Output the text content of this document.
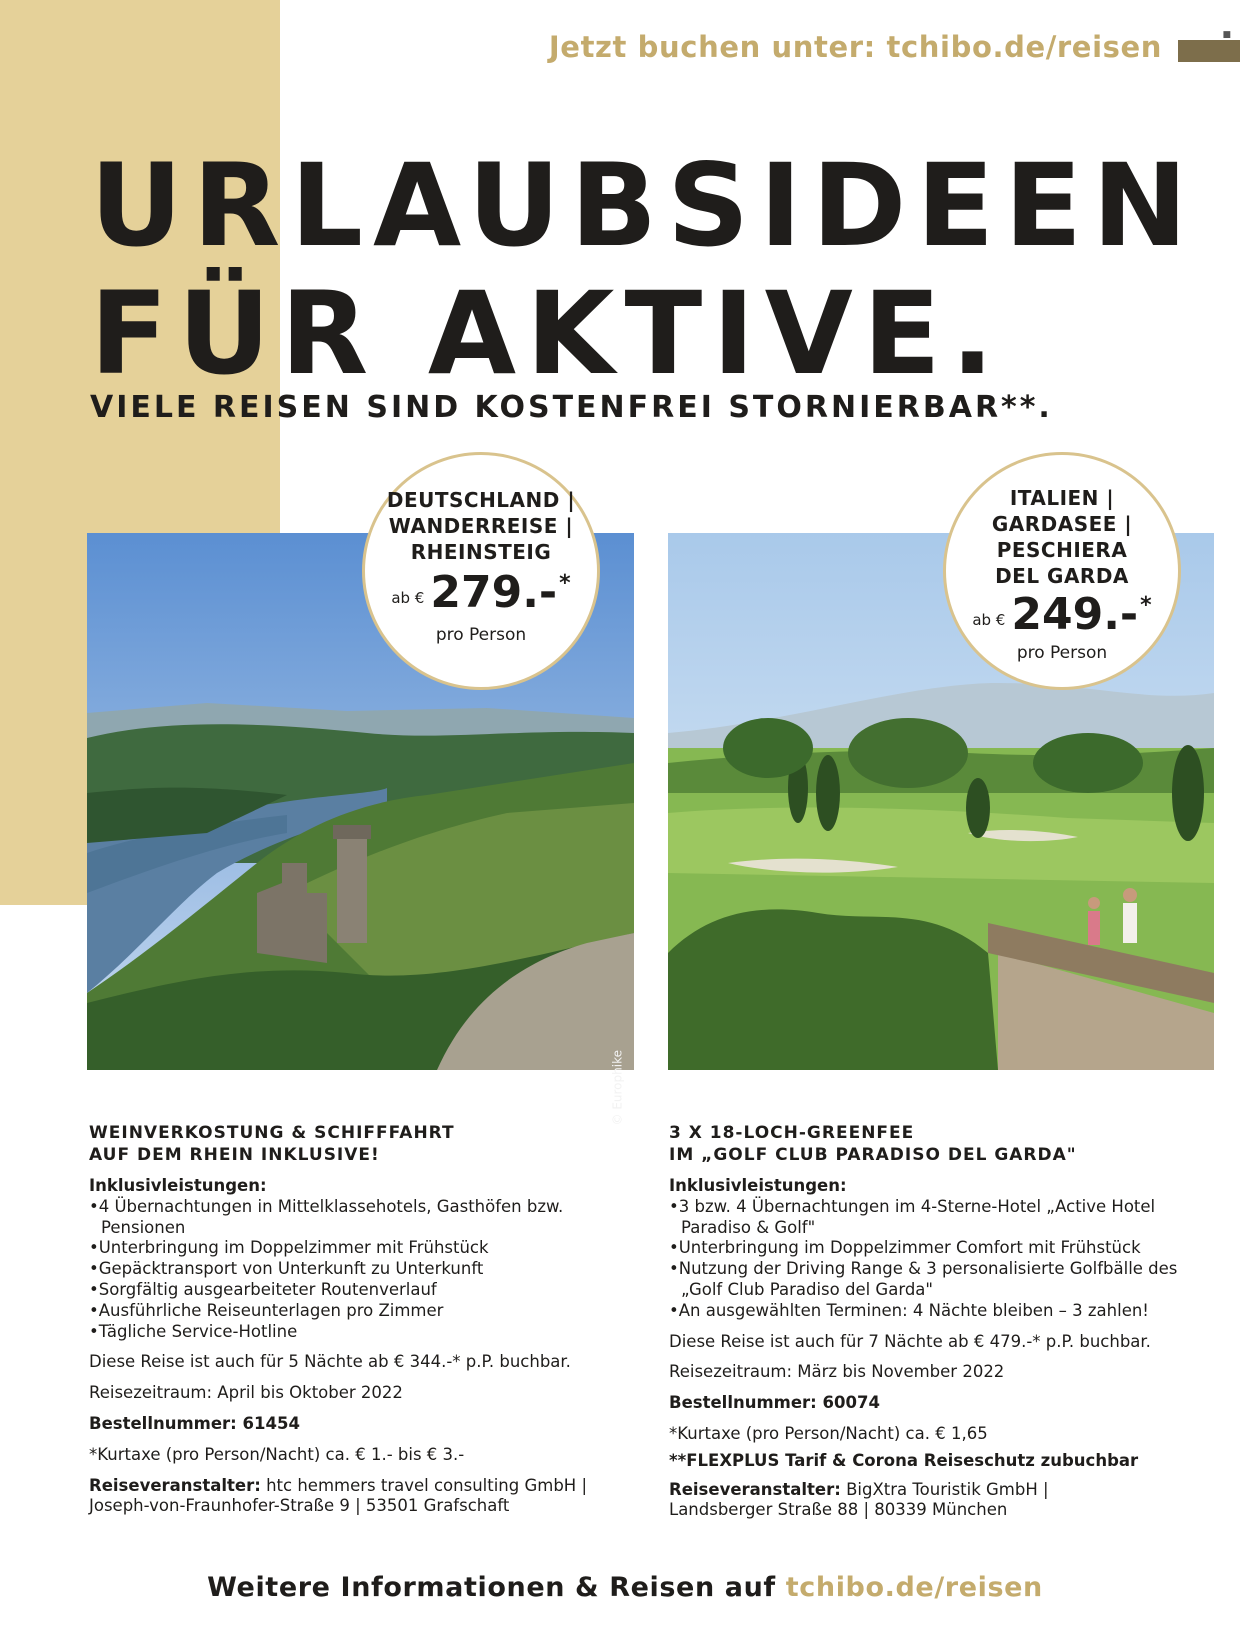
Jetzt buchen unter: tchibo.de/reisen	■
URLAUBSIDEEN
FÜR AKTIVE.
VIELE REISEN SIND KOSTENFREI STORNIERBAR**.
© Europhike
DEUTSCHLAND |
WANDERREISE |
RHEINSTEIG
ab € 279.- *
pro Person
ITALIEN |
GARDASEE |
PESCHIERA
DEL GARDA
ab € 249.- *
pro Person
WEINVERKOSTUNG & SCHIFFFAHRT
AUF DEM RHEIN INKLUSIVE!
Inklusivleistungen:
• 4 Übernachtungen in Mittelklassehotels, Gasthöfen bzw. Pensionen
• Unterbringung im Doppelzimmer mit Frühstück
• Gepäcktransport von Unterkunft zu Unterkunft
• Sorgfältig ausgearbeiteter Routenverlauf
• Ausführliche Reiseunterlagen pro Zimmer
• Tägliche Service-Hotline

Diese Reise ist auch für 5 Nächte ab € 344.-* p.P. buchbar.

Reisezeitraum: April bis Oktober 2022

Bestellnummer: 61454

*Kurtaxe (pro Person/Nacht) ca. € 1.- bis € 3.-

Reiseveranstalter: htc hemmers travel consulting GmbH |
Joseph-von-Fraunhofer-Straße 9 | 53501 Grafschaft

3 X 18-LOCH-GREENFEE
IM „GOLF CLUB PARADISO DEL GARDA"
Inklusivleistungen:
• 3 bzw. 4 Übernachtungen im 4-Sterne-Hotel „Active Hotel Paradiso & Golf"
• Unterbringung im Doppelzimmer Comfort mit Frühstück
• Nutzung der Driving Range & 3 personalisierte Golfbälle des „Golf Club Paradiso del Garda"
• An ausgewählten Terminen: 4 Nächte bleiben – 3 zahlen!

Diese Reise ist auch für 7 Nächte ab € 479.-* p.P. buchbar.

Reisezeitraum: März bis November 2022

Bestellnummer: 60074

*Kurtaxe (pro Person/Nacht) ca. € 1,65

**FLEXPLUS Tarif & Corona Reiseschutz zubuchbar

Reiseveranstalter: BigXtra Touristik GmbH |
Landsberger Straße 88 | 80339 München

Weitere Informationen & Reisen auf tchibo.de/reisen
